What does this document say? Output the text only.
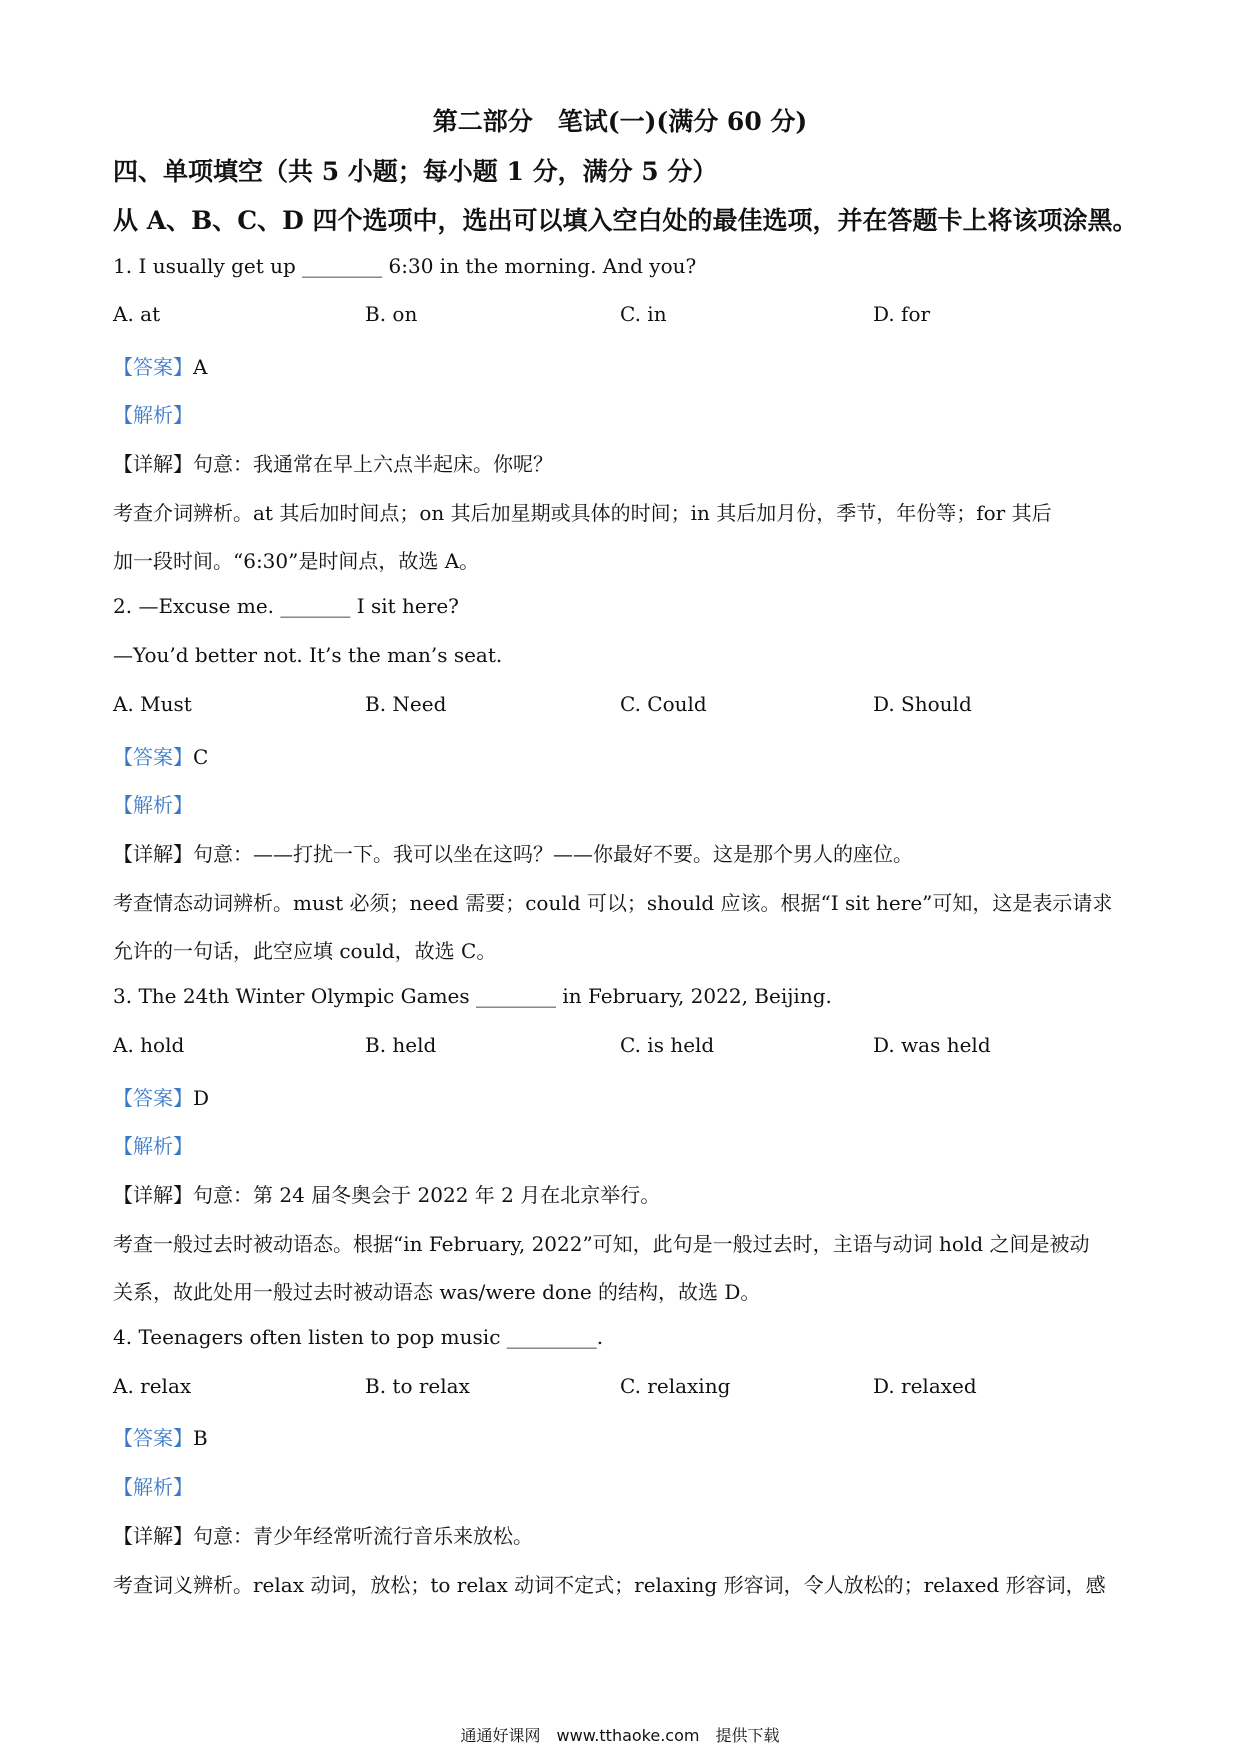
第二部分　笔试(一)(满分 60 分)
四、单项填空（共 5 小题；每小题 1 分，满分 5 分）
从 A、B、C、D 四个选项中，选出可以填入空白处的最佳选项，并在答题卡上将该项涂黑。
1. I usually get up ________ 6:30 in the morning. And you?
A. at	B. on	C. in	D. for
【答案】A
【解析】
【详解】句意：我通常在早上六点半起床。你呢？
考查介词辨析。at 其后加时间点；on 其后加星期或具体的时间；in 其后加月份，季节，年份等；for 其后
加一段时间。“6:30”是时间点，故选 A。
2. —Excuse me. _______ I sit here?
—You’d better not. It’s the man’s seat.
A. Must	B. Need	C. Could	D. Should
【答案】C
【解析】
【详解】句意：——打扰一下。我可以坐在这吗？——你最好不要。这是那个男人的座位。
考查情态动词辨析。must 必须；need 需要；could 可以；should 应该。根据“I sit here”可知，这是表示请求
允许的一句话，此空应填 could，故选 C。
3. The 24th Winter Olympic Games ________ in February, 2022, Beijing.
A. hold	B. held	C. is held	D. was held
【答案】D
【解析】
【详解】句意：第 24 届冬奥会于 2022 年 2 月在北京举行。
考查一般过去时被动语态。根据“in February, 2022”可知，此句是一般过去时，主语与动词 hold 之间是被动
关系，故此处用一般过去时被动语态 was/were done 的结构，故选 D。
4. Teenagers often listen to pop music _________.
A. relax	B. to relax	C. relaxing	D. relaxed
【答案】B
【解析】
【详解】句意：青少年经常听流行音乐来放松。
考查词义辨析。relax 动词，放松；to relax 动词不定式；relaxing 形容词，令人放松的；relaxed 形容词，感
通通好课网　www.tthaoke.com　提供下载
